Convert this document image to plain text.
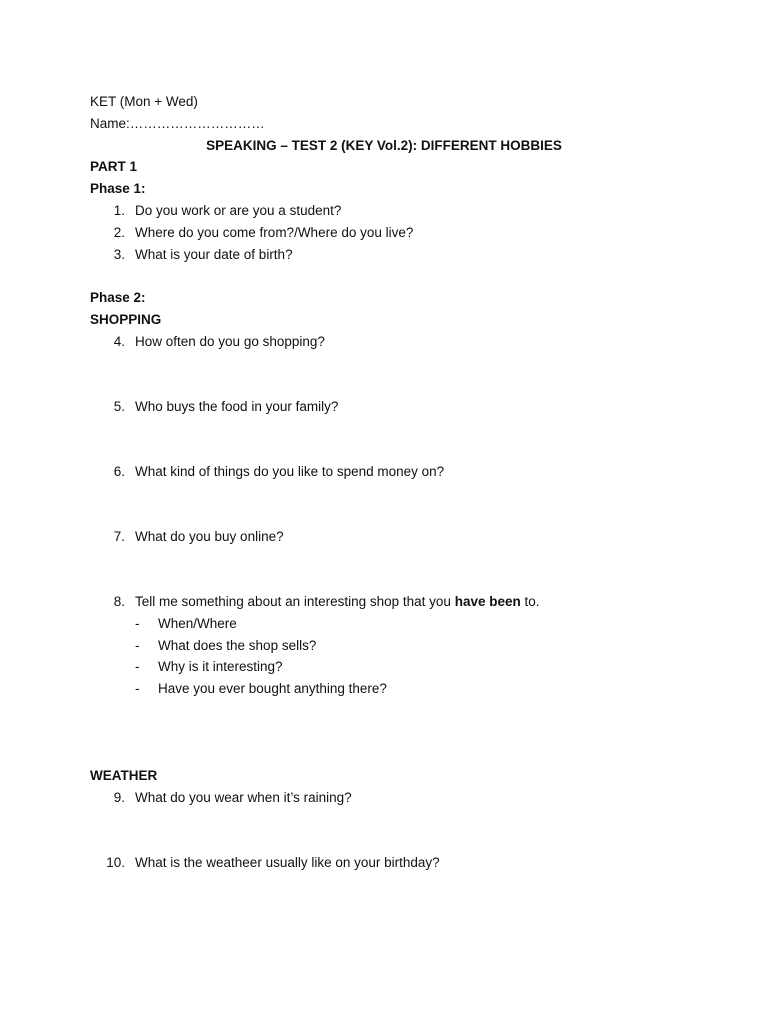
KET (Mon + Wed)
Name:…………………………
SPEAKING – TEST 2 (KEY Vol.2): DIFFERENT HOBBIES
PART 1
Phase 1:
1. Do you work or are you a student?
2. Where do you come from?/Where do you live?
3. What is your date of birth?
Phase 2:
SHOPPING
4. How often do you go shopping?
5. Who buys the food in your family?
6. What kind of things do you like to spend money on?
7. What do you buy online?
8. Tell me something about an interesting shop that you have been to.
- When/Where
- What does the shop sells?
- Why is it interesting?
- Have you ever bought anything there?
WEATHER
9. What do you wear when it’s raining?
10. What is the weatheer usually like on your birthday?
